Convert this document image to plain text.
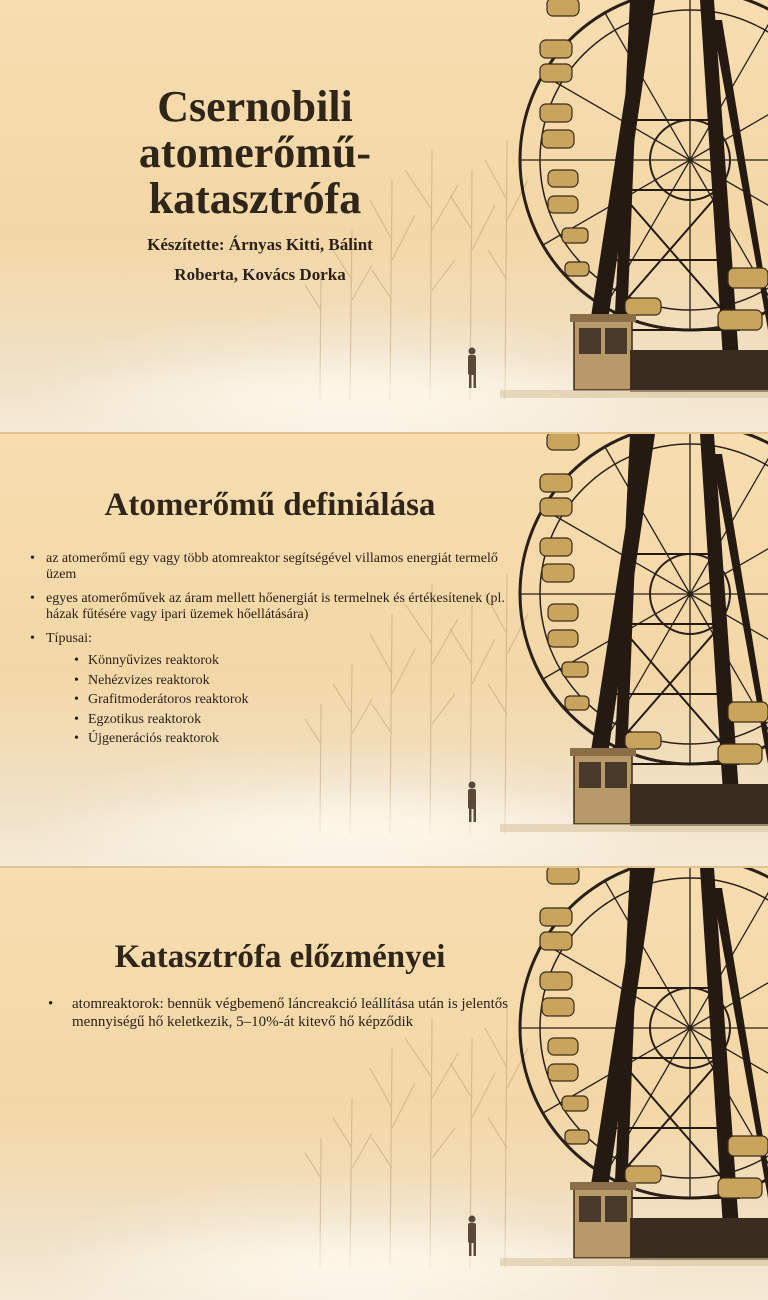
Csernobili atomerőmű-katasztrófa

Készítette: Árnyas Kitti, Bálint
Roberta, Kovács Dorka

Atomerőmű definiálása
• az atomerőmű egy vagy több atomreaktor segítségével villamos energiát termelő üzem
• egyes atomerőművek az áram mellett hőenergiát is termelnek és értékesítenek (pl. házak fűtésére vagy ipari üzemek hőellátására)
• Típusai:
• Könnyűvizes reaktorok
• Nehézvizes reaktorok
• Grafitmoderátoros reaktorok
• Egzotikus reaktorok
• Újgenerációs reaktorok
Katasztrófa előzményei
• atomreaktorok: bennük végbemenő láncreakció leállítása után is jelentős mennyiségű hő keletkezik, 5–10%-át kitevő hő képződik
